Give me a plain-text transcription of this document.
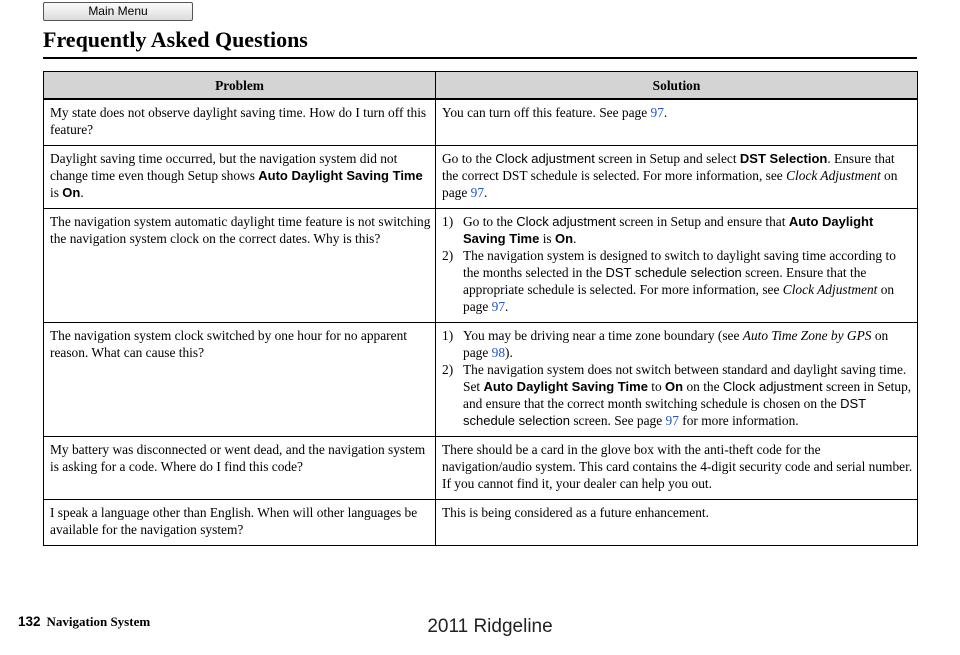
Main Menu
Frequently Asked Questions
Problem	Solution
My state does not observe daylight saving time. How do I turn off this feature?	You can turn off this feature. See page 97.
Daylight saving time occurred, but the navigation system did not change time even though Setup shows Auto Daylight Saving Time is On.	Go to the Clock adjustment screen in Setup and select DST Selection. Ensure that the correct DST schedule is selected. For more information, see Clock Adjustment on page 97.
The navigation system automatic daylight time feature is not switching the navigation system clock on the correct dates. Why is this?	1) Go to the Clock adjustment screen in Setup and ensure that Auto Daylight Saving Time is On.
2) The navigation system is designed to switch to daylight saving time according to the months selected in the DST schedule selection screen. Ensure that the appropriate schedule is selected. For more information, see Clock Adjustment on page 97.

The navigation system clock switched by one hour for no apparent reason. What can cause this?	1) You may be driving near a time zone boundary (see Auto Time Zone by GPS on page 98).
2) The navigation system does not switch between standard and daylight saving time. Set Auto Daylight Saving Time to On on the Clock adjustment screen in Setup, and ensure that the correct month switching schedule is chosen on the DST schedule selection screen. See page 97 for more information.

My battery was disconnected or went dead, and the navigation system is asking for a code. Where do I find this code?	There should be a card in the glove box with the anti-theft code for the navigation/audio system. This card contains the 4-digit security code and serial number. If you cannot find it, your dealer can help you out.
I speak a language other than English. When will other languages be available for the navigation system?	This is being considered as a future enhancement.
132 Navigation System	2011 Ridgeline
